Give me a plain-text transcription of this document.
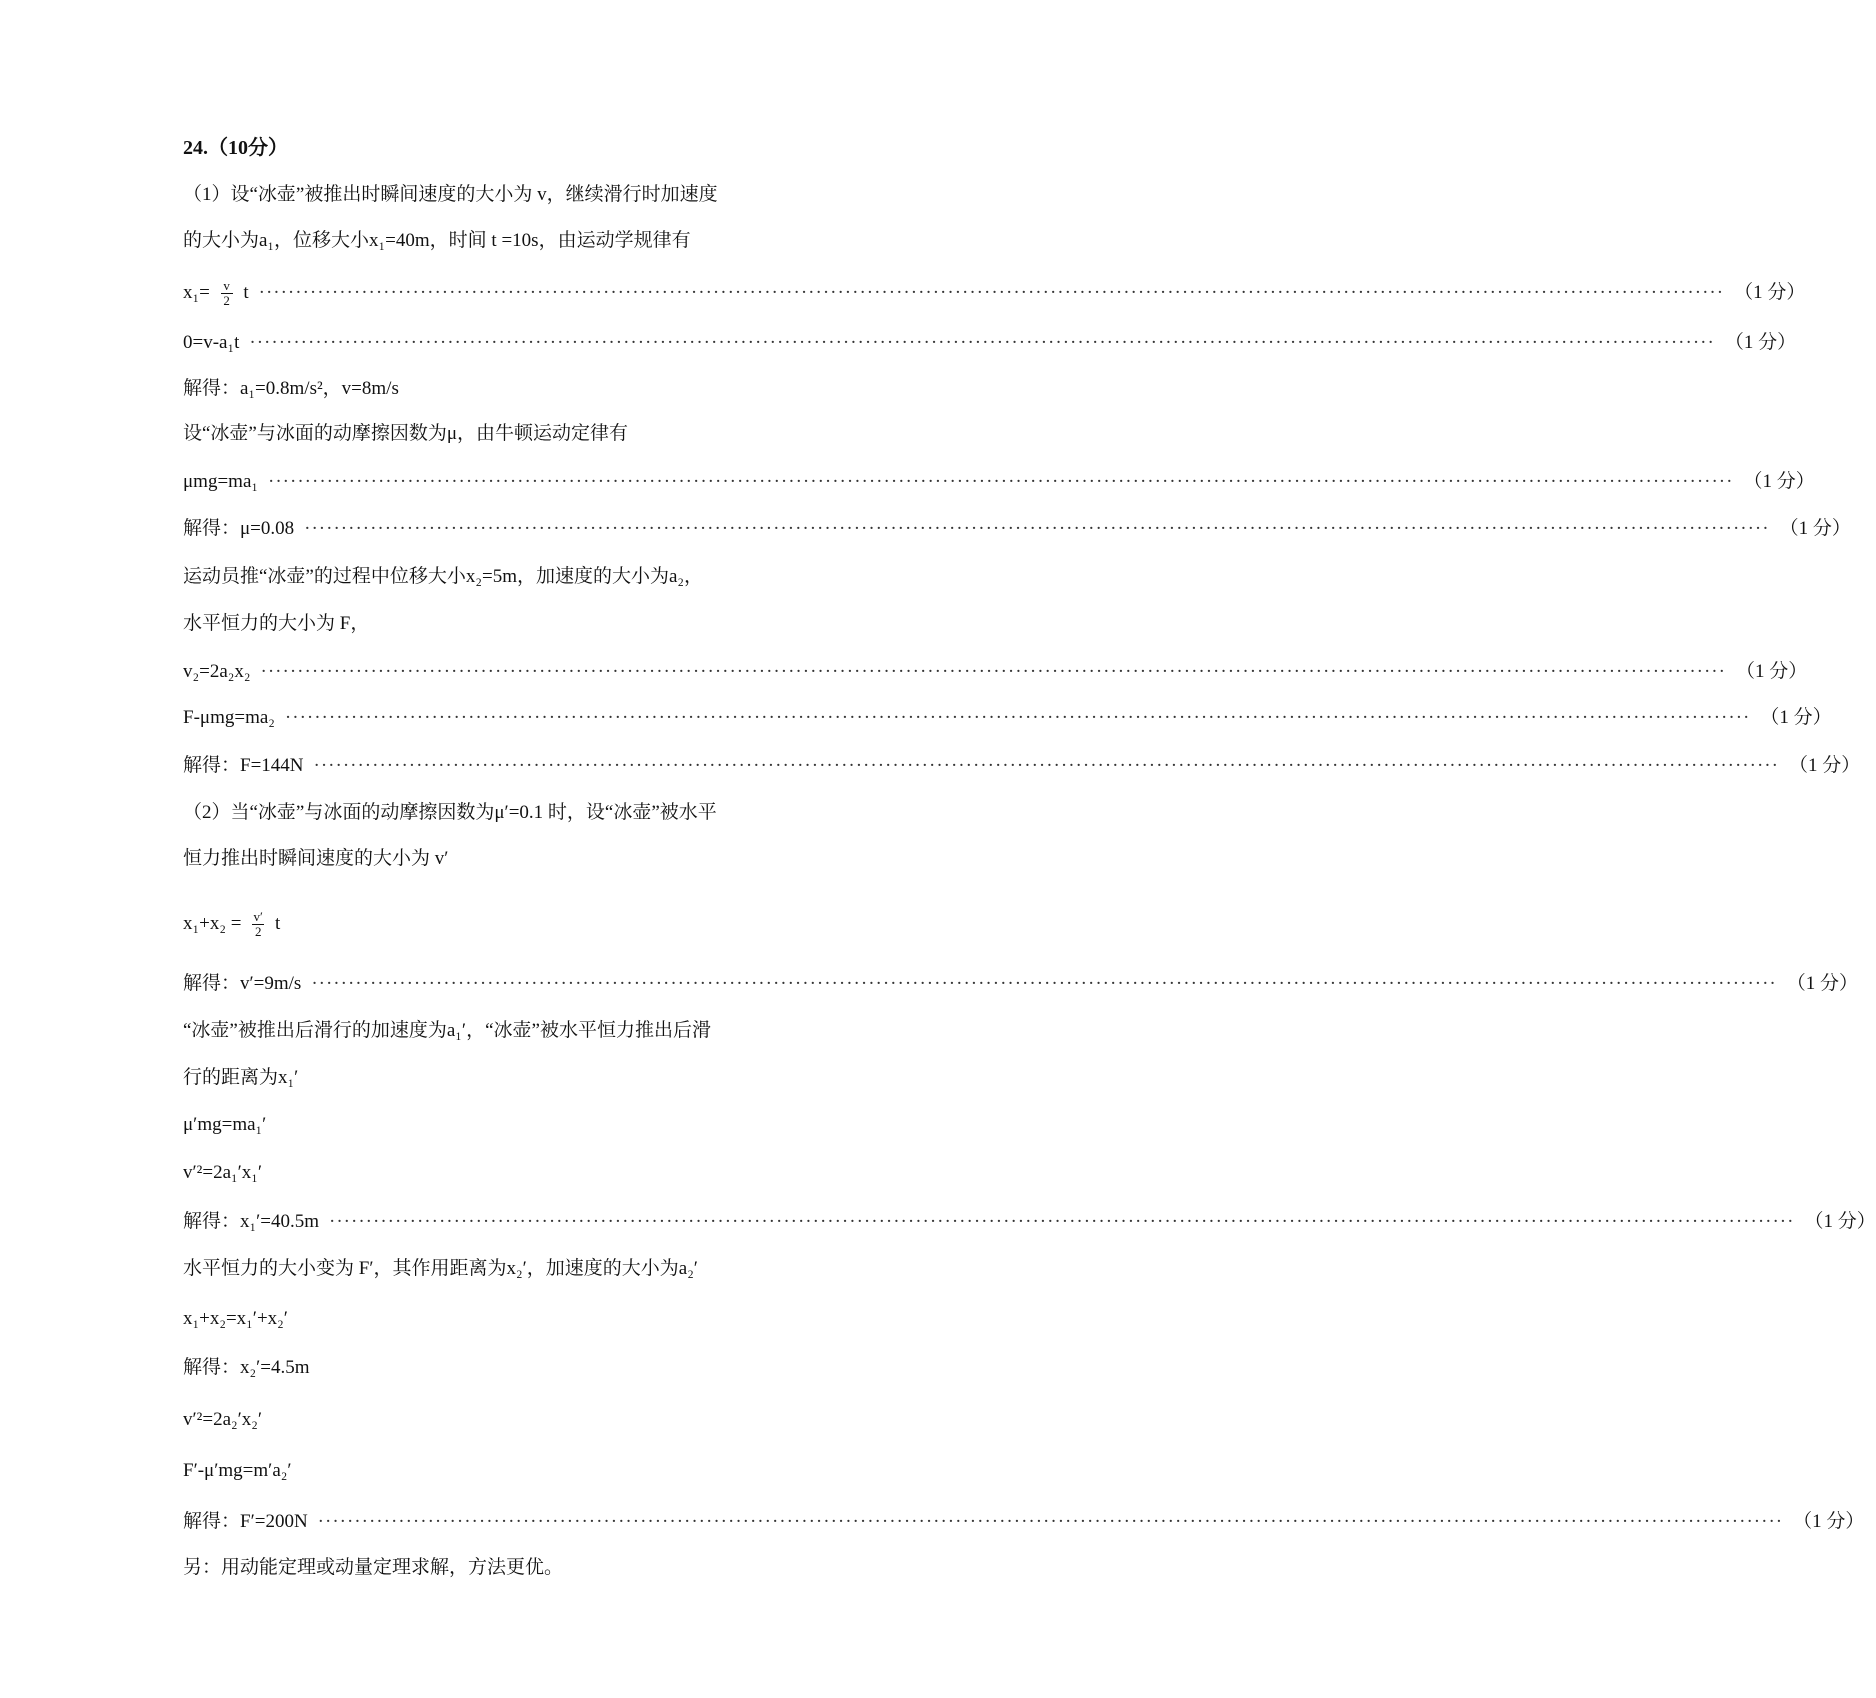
24.（10分）
（1）设“冰壶”被推出时瞬间速度的大小为 v，继续滑行时加速度
的大小为a₁，位移大小x₁=40m，时间 t =10s，由运动学规律有
$x_1= \frac{v}{2}$ t ········································································································································································································ （1 分）
0=v-a₁t ········································································································································································································ （1 分）
解得：a₁=0.8m/s²，v=8m/s
设“冰壶”与冰面的动摩擦因数为μ，由牛顿运动定律有
μmg=ma₁ ········································································································································································································ （1 分）
解得：μ=0.08 ········································································································································································································ （1 分）
运动员推“冰壶”的过程中位移大小x₂=5m，加速度的大小为a₂，
水平恒力的大小为 F，
v₂=2a₂x₂ ········································································································································································································ （1 分）
F-μmg=ma₂ ········································································································································································································ （1 分）
解得：F=144N ········································································································································································································ （1 分）
（2）当“冰壶”与冰面的动摩擦因数为μ′=0.1 时，设“冰壶”被水平
恒力推出时瞬间速度的大小为 v′
$x_1+x_2 = \frac{v'}{2}$ t
解得：v′=9m/s ········································································································································································································ （1 分）
“冰壶”被推出后滑行的加速度为a₁′，“冰壶”被水平恒力推出后滑
行的距离为x₁′
μ′mg=ma₁′
v′²=2a₁′x₁′
解得：x₁′=40.5m ········································································································································································································ （1 分）
水平恒力的大小变为 F′，其作用距离为x₂′，加速度的大小为a₂′
x₁+x₂=x₁′+x₂′
解得：x₂′=4.5m
v′²=2a₂′x₂′
F′-μ′mg=m′a₂′
解得：F′=200N ········································································································································································································ （1 分）
另：用动能定理或动量定理求解，方法更优。
